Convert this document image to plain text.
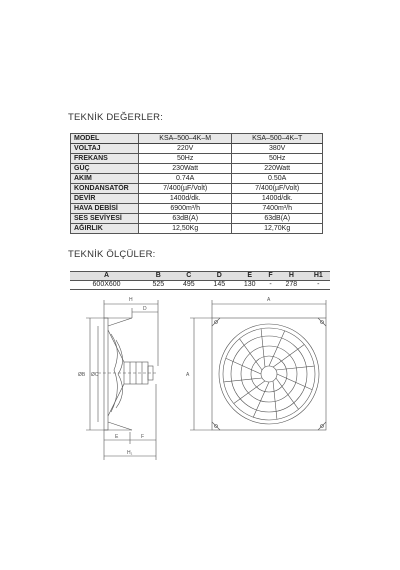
TEKNİK DEĞERLER:
MODEL	KSA–500–4K–M	KSA–500–4K–T
VOLTAJ	220V	380V
FREKANS	50Hz	50Hz
GÜÇ	230Watt	220Watt
AKIM	0.74A	0.50A
KONDANSATÖR	7/400(µF/Volt)	7/400(µF/Volt)
DEVİR	1400d/dk.	1400d/dk.
HAVA DEBİSİ	6900m³/h	7400m³/h
SES SEVİYESİ	63dB(A)	63dB(A)
AĞIRLIK	12,50Kg	12,70Kg
TEKNİK ÖLÇÜLER:
A	B	C	D	E	F	H	H1
600X600	525	495	145	130	-	278	-
H
D
ØB ØC
E	F
H₁
A
A
